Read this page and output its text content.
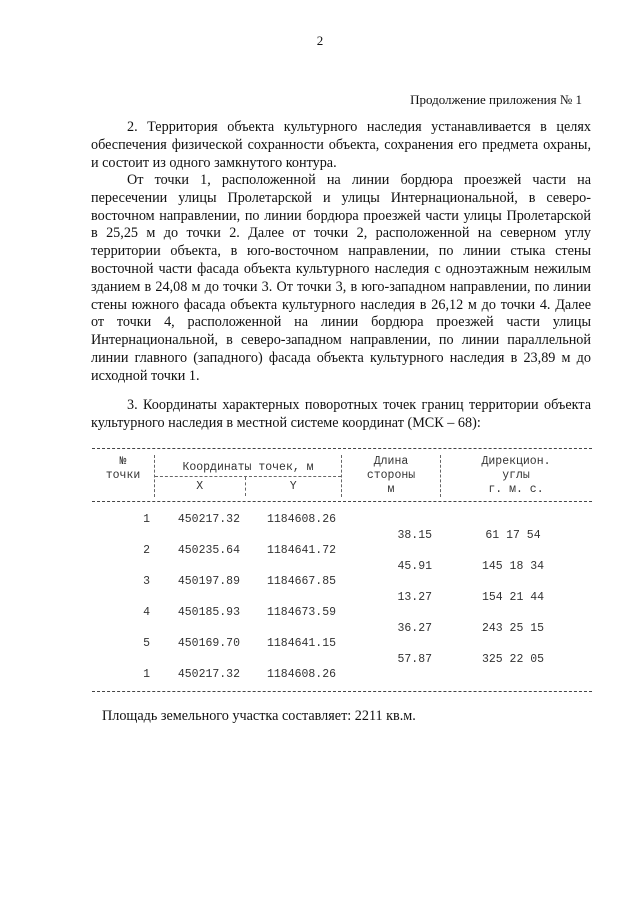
2
Продолжение приложения № 1

2. Территория объекта культурного наследия устанавливается в целях обеспечения физической сохранности объекта, сохранения его предмета охраны, и состоит из одного замкнутого контура.

От точки 1, расположенной на линии бордюра проезжей части на пересечении улицы Пролетарской и улицы Интернациональной, в северо-восточном направлении, по линии бордюра проезжей части улицы Пролетарской в 25,25 м до точки 2. Далее от точки 2, расположенной на северном углу территории объекта, в юго-восточном направлении, по линии стыка стены восточной части фасада объекта культурного наследия с одноэтажным нежилым зданием в 24,08 м до точки 3. От точки 3, в юго-западном направлении, по линии стены южного фасада объекта культурного наследия в 26,12 м до точки 4. Далее от точки 4, расположенной на линии бордюра проезжей части улицы Интернациональной, в северо-западном направлении, по линии параллельной линии главного (западного) фасада объекта культурного наследия в 23,89 м до исходной точки 1.

3. Координаты характерных поворотных точек границ территории объекта культурного наследия в местной системе координат (МСК – 68):

№
точки
Координаты точек, м
X	Y
Длина
стороны
м
Дирекцион.
углы
г. м. с.
1	450217.32	1184608.26
38.15	61 17 54
2	450235.64	1184641.72
45.91	145 18 34
3	450197.89	1184667.85
13.27	154 21 44
4	450185.93	1184673.59
36.27	243 25 15
5	450169.70	1184641.15
57.87	325 22 05
1	450217.32	1184608.26
Площадь земельного участка составляет: 2211 кв.м.
